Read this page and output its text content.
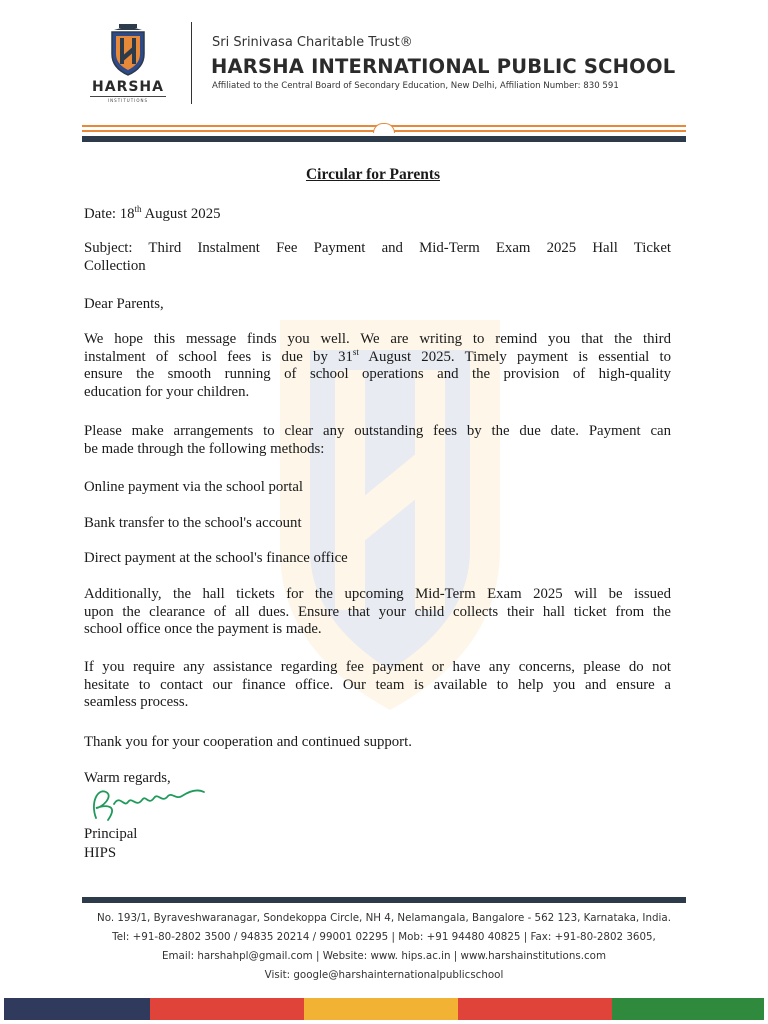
HARSHA
INSTITUTIONS
Sri Srinivasa Charitable Trust®
HARSHA INTERNATIONAL PUBLIC SCHOOL
Affiliated to the Central Board of Secondary Education, New Delhi, Affiliation Number: 830 591
Circular for Parents
Date: 18th August 2025
Subject: Third Instalment Fee Payment and Mid-Term Exam 2025 Hall Ticket
Collection
Dear Parents,
We hope this message finds you well. We are writing to remind you that the third
instalment of school fees is due by 31st August 2025. Timely payment is essential to
ensure the smooth running of school operations and the provision of high-quality
education for your children.
Please make arrangements to clear any outstanding fees by the due date. Payment can
be made through the following methods:
Online payment via the school portal
Bank transfer to the school's account
Direct payment at the school's finance office
Additionally, the hall tickets for the upcoming Mid-Term Exam 2025 will be issued
upon the clearance of all dues. Ensure that your child collects their hall ticket from the
school office once the payment is made.
If you require any assistance regarding fee payment or have any concerns, please do not
hesitate to contact our finance office. Our team is available to help you and ensure a
seamless process.
Thank you for your cooperation and continued support.
Warm regards,
Principal
HIPS
No. 193/1, Byraveshwaranagar, Sondekoppa Circle, NH 4, Nelamangala, Bangalore - 562 123, Karnataka, India.
Tel: +91-80-2802 3500 / 94835 20214 / 99001 02295 | Mob: +91 94480 40825 | Fax: +91-80-2802 3605,
Email: harshahpl@gmail.com | Website: www. hips.ac.in | www.harshainstitutions.com
Visit: google@harshainternationalpublicschool
